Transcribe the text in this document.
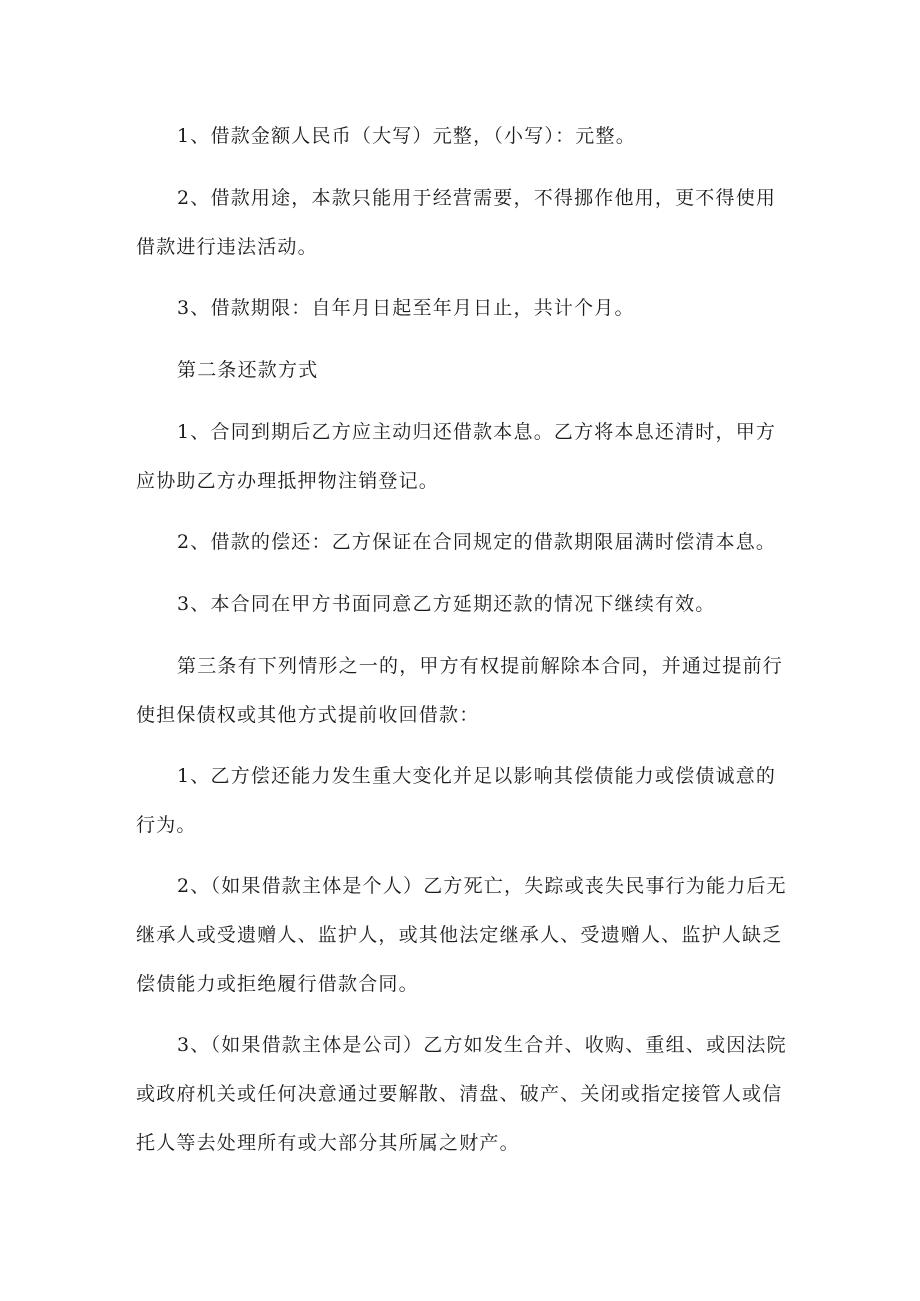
1、借款金额人民币（大写）元整，（小写）：元整。

2、借款用途，本款只能用于经营需要，不得挪作他用，更不得使用借款进行违法活动。

3、借款期限：自年月日起至年月日止，共计个月。

第二条还款方式

1、合同到期后乙方应主动归还借款本息。乙方将本息还清时，甲方应协助乙方办理抵押物注销登记。

2、借款的偿还：乙方保证在合同规定的借款期限届满时偿清本息。

3、本合同在甲方书面同意乙方延期还款的情况下继续有效。

第三条有下列情形之一的，甲方有权提前解除本合同，并通过提前行使担保债权或其他方式提前收回借款：

1、乙方偿还能力发生重大变化并足以影响其偿债能力或偿债诚意的行为。

2、（如果借款主体是个人）乙方死亡，失踪或丧失民事行为能力后无继承人或受遗赠人、监护人，或其他法定继承人、受遗赠人、监护人缺乏偿债能力或拒绝履行借款合同。

3、（如果借款主体是公司）乙方如发生合并、收购、重组、或因法院或政府机关或任何决意通过要解散、清盘、破产、关闭或指定接管人或信托人等去处理所有或大部分其所属之财产。
